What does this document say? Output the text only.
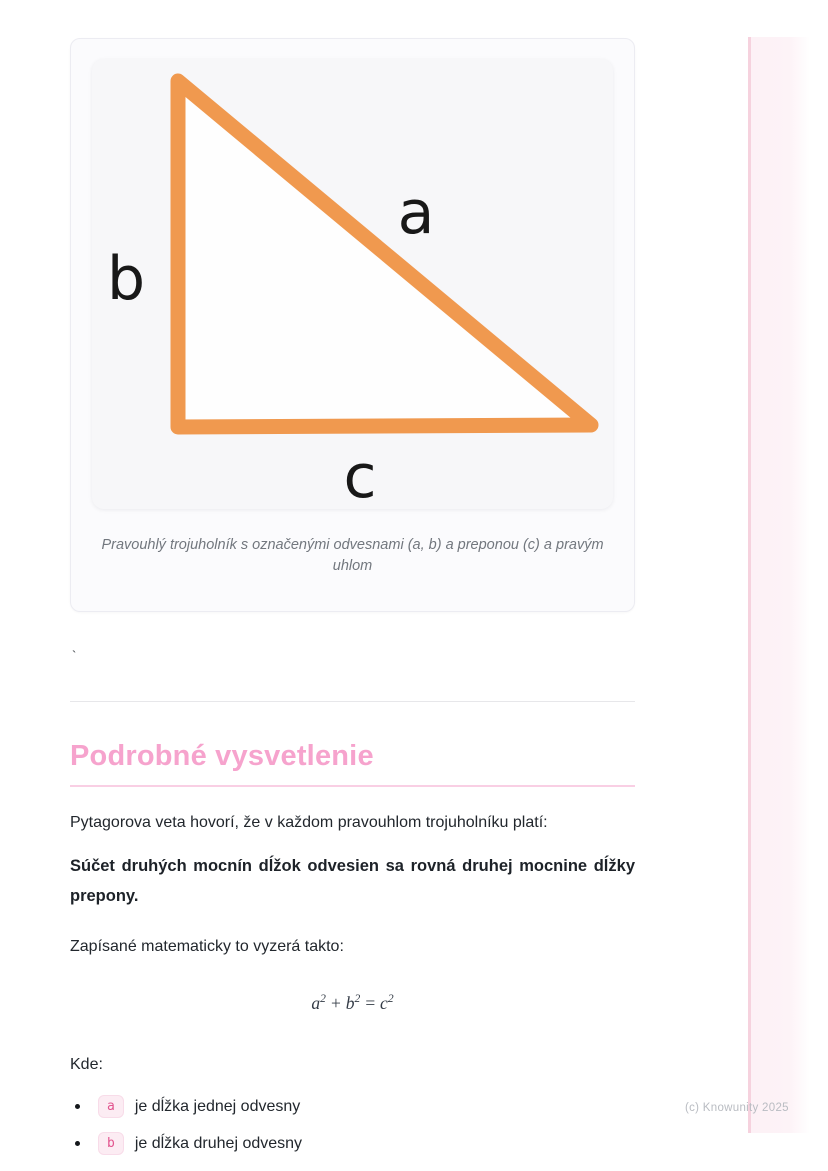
a
b
c
Pravouhlý trojuholník s označenými odvesnami (a, b) a preponou (c) a pravým uhlom
`
Podrobné vysvetlenie

Pytagorova veta hovorí, že v každom pravouhlom trojuholníku platí:

Súčet druhých mocnín dĺžok odvesien sa rovná druhej mocnine dĺžky prepony.

Zapísané matematicky to vyzerá takto:

$a^2 + b^2 = c^2$

Kde:

a	je dĺžka jednej odvesny
b	je dĺžka druhej odvesny
(c) Knowunity 2025
